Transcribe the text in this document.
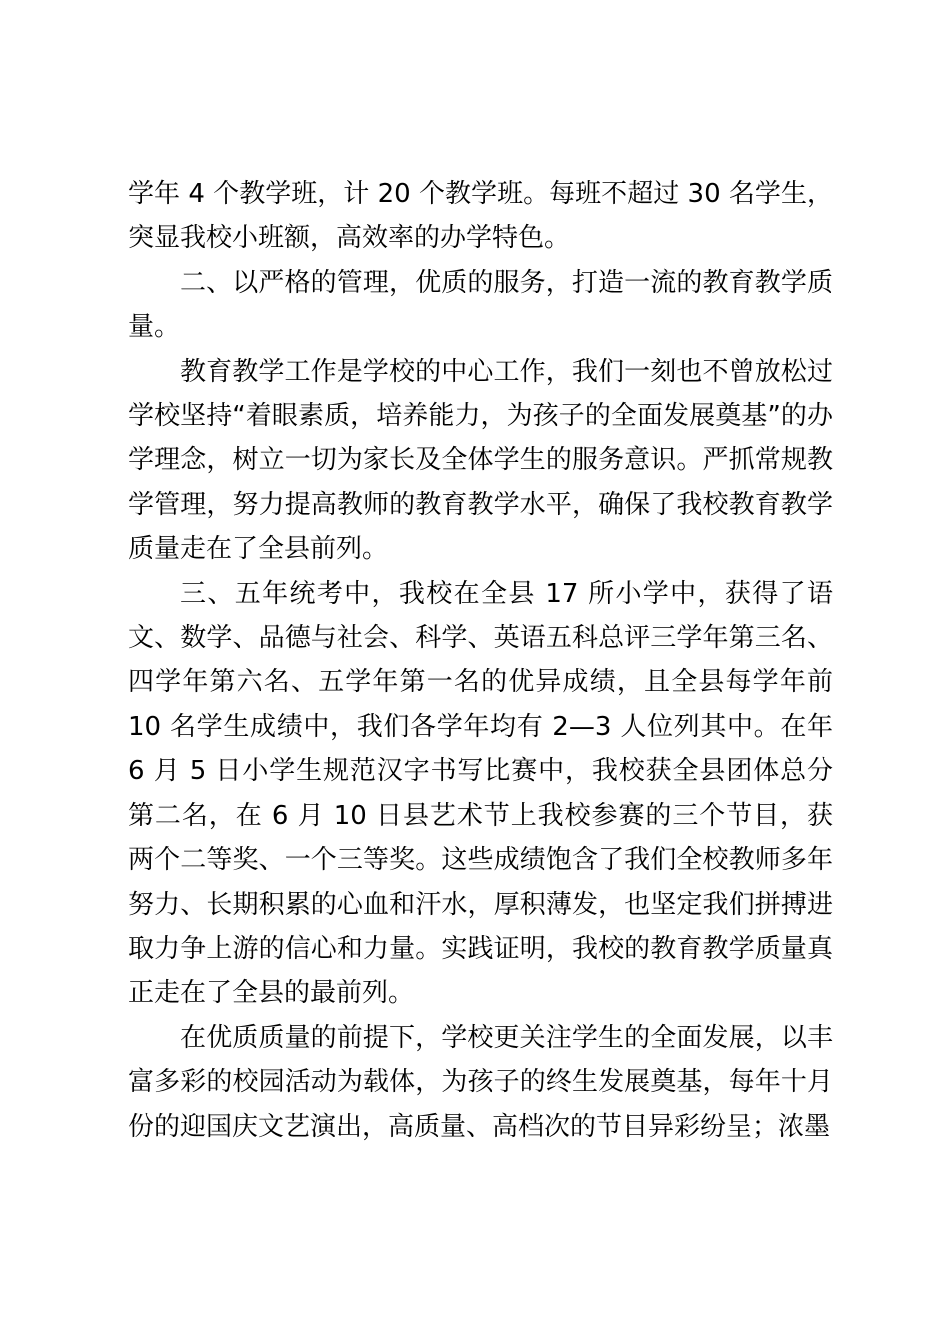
学年 4 个教学班，计 20 个教学班。每班不超过 30 名学生，突显我校小班额，高效率的办学特色。

二、以严格的管理，优质的服务，打造一流的教育教学质量。

教育教学工作是学校的中心工作，我们一刻也不曾放松过学校坚持“着眼素质，培养能力，为孩子的全面发展奠基”的办学理念，树立一切为家长及全体学生的服务意识。严抓常规教学管理，努力提高教师的教育教学水平，确保了我校教育教学质量走在了全县前列。

三、五年统考中，我校在全县 17 所小学中，获得了语文、数学、品德与社会、科学、英语五科总评三学年第三名、四学年第六名、五学年第一名的优异成绩，且全县每学年前 10 名学生成绩中，我们各学年均有 2—3 人位列其中。在年 6 月 5 日小学生规范汉字书写比赛中，我校获全县团体总分第二名，在 6 月 10 日县艺术节上我校参赛的三个节目，获两个二等奖、一个三等奖。这些成绩饱含了我们全校教师多年努力、长期积累的心血和汗水，厚积薄发，也坚定我们拼搏进取力争上游的信心和力量。实践证明，我校的教育教学质量真正走在了全县的最前列。

在优质质量的前提下，学校更关注学生的全面发展，以丰富多彩的校园活动为载体，为孩子的终生发展奠基，每年十月份的迎国庆文艺演出，高质量、高档次的节目异彩纷呈；浓墨
